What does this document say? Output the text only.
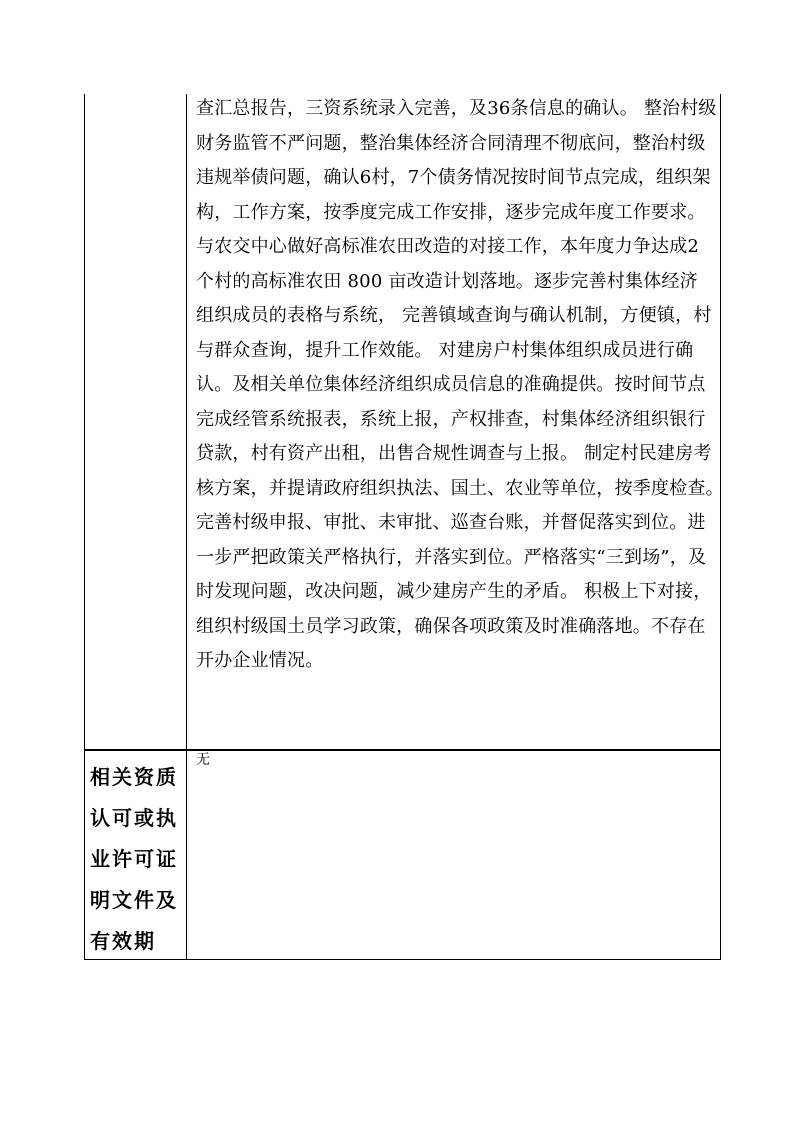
查汇总报告，三资系统录入完善，及36条信息的确认。 整治村级
财务监管不严问题，整治集体经济合同清理不彻底问，整治村级
违规举债问题，确认6村，7个债务情况按时间节点完成，组织架
构，工作方案，按季度完成工作安排，逐步完成年度工作要求。
与农交中心做好高标准农田改造的对接工作，本年度力争达成2
个村的高标准农田 800 亩改造计划落地。逐步完善村集体经济
组织成员的表格与系统， 完善镇域查询与确认机制，方便镇，村
与群众查询，提升工作效能。 对建房户村集体组织成员进行确
认。及相关单位集体经济组织成员信息的准确提供。按时间节点
完成经管系统报表，系统上报，产权排查，村集体经济组织银行
贷款，村有资产出租，出售合规性调查与上报。 制定村民建房考
核方案，并提请政府组织执法、国土、农业等单位，按季度检查。
完善村级申报、审批、未审批、巡查台账，并督促落实到位。进
一步严把政策关严格执行，并落实到位。严格落实“三到场”，及
时发现问题，改决问题，减少建房产生的矛盾。 积极上下对接，
组织村级国土员学习政策，确保各项政策及时准确落地。不存在
开办企业情况。
相关资质
认可或执
业许可证
明文件及
有效期
无
